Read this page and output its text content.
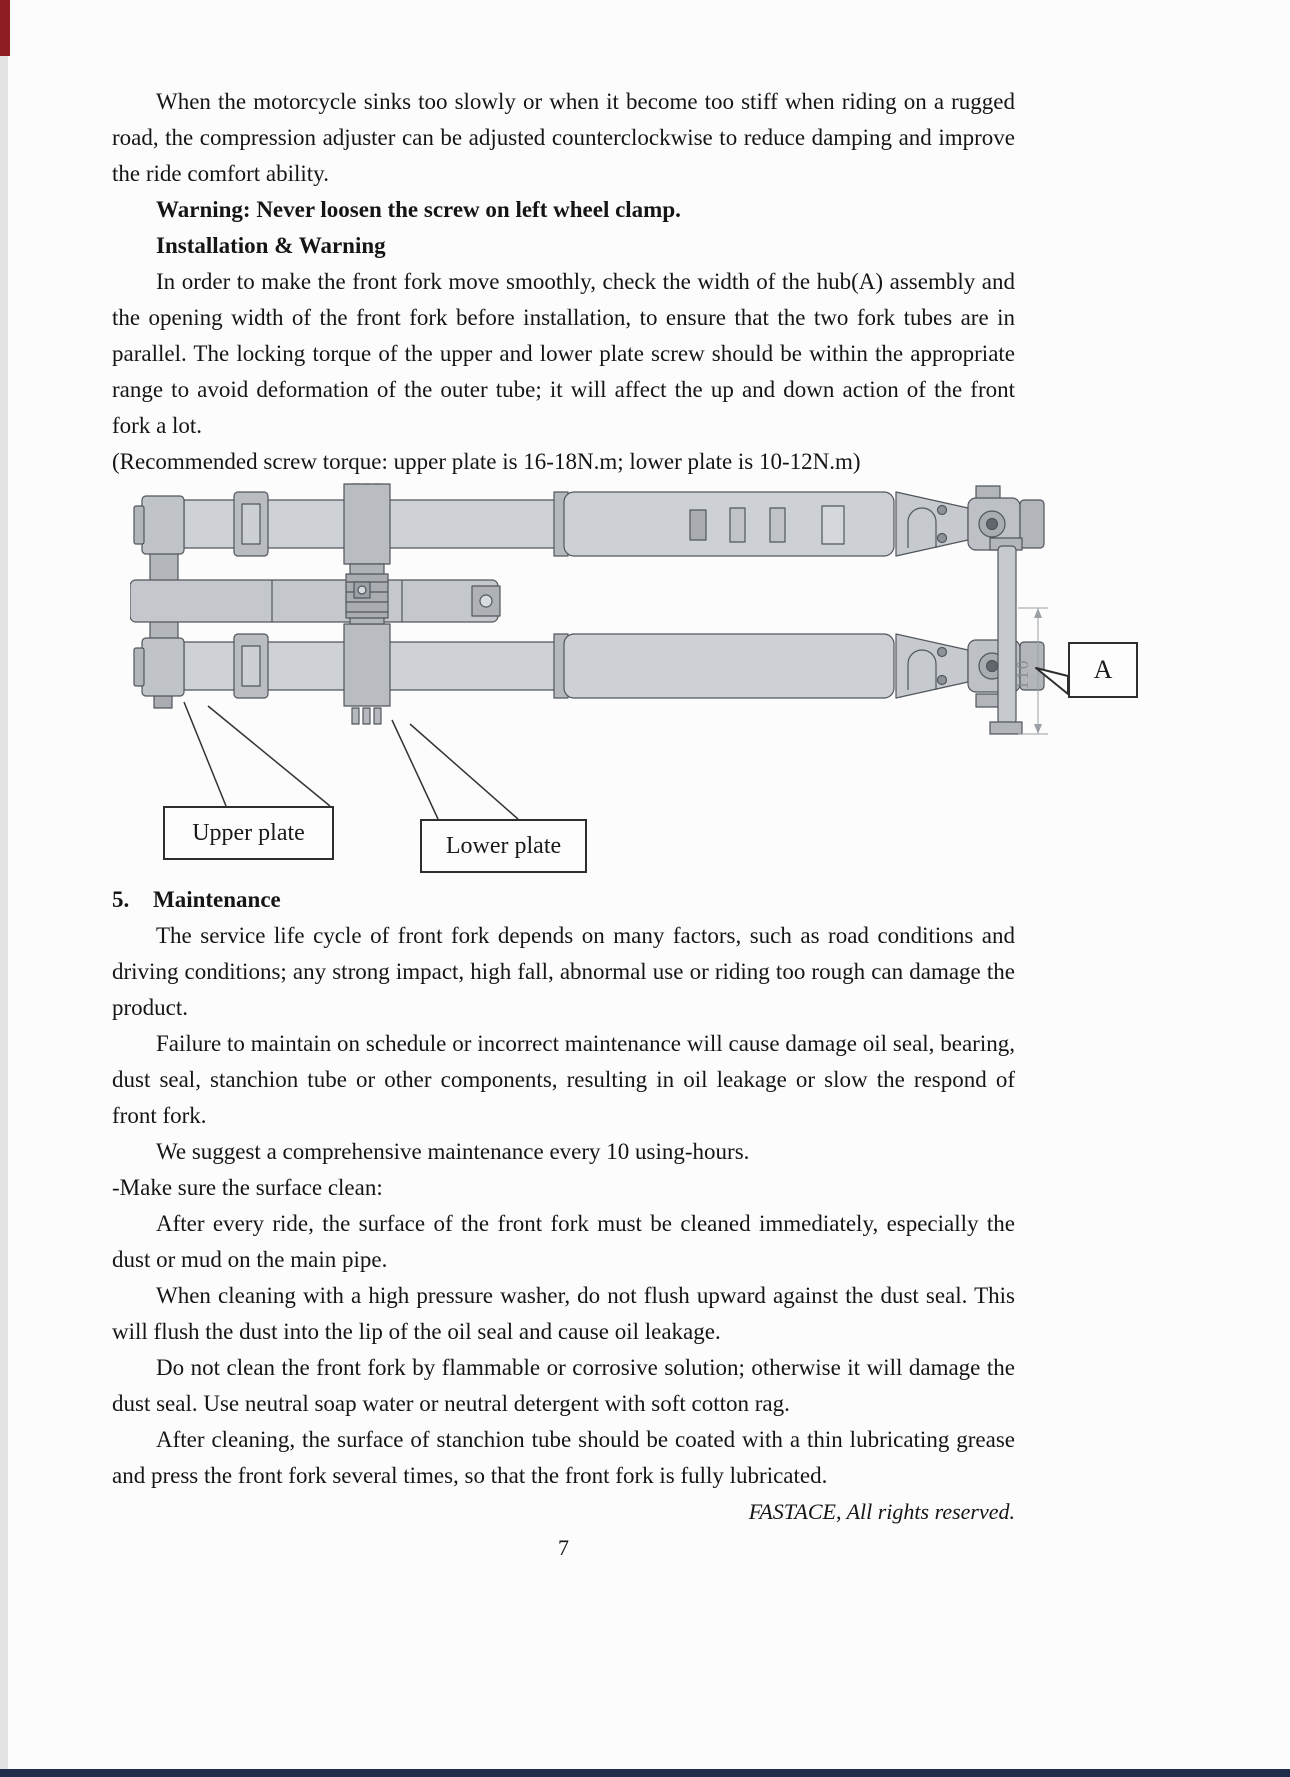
When the motorcycle sinks too slowly or when it become too stiff when riding on a rugged road, the compression adjuster can be adjusted counterclockwise to reduce damping and improve the ride comfort ability.

Warning: Never loosen the screw on left wheel clamp.

Installation & Warning

In order to make the front fork move smoothly, check the width of the hub(A) assembly and the opening width of the front fork before installation, to ensure that the two fork tubes are in parallel. The locking torque of the upper and lower plate screw should be within the appropriate range to avoid deformation of the outer tube; it will affect the up and down action of the front fork a lot.

(Recommended screw torque: upper plate is 16-18N.m; lower plate is 10-12N.m)

110
Upper plate	Lower plate
A

5. Maintenance

The service life cycle of front fork depends on many factors, such as road conditions and driving conditions; any strong impact, high fall, abnormal use or riding too rough can damage the product.

Failure to maintain on schedule or incorrect maintenance will cause damage oil seal, bearing, dust seal, stanchion tube or other components, resulting in oil leakage or slow the respond of front fork.

We suggest a comprehensive maintenance every 10 using-hours.

-Make sure the surface clean:

After every ride, the surface of the front fork must be cleaned immediately, especially the dust or mud on the main pipe.

When cleaning with a high pressure washer, do not flush upward against the dust seal. This will flush the dust into the lip of the oil seal and cause oil leakage.

Do not clean the front fork by flammable or corrosive solution; otherwise it will damage the dust seal. Use neutral soap water or neutral detergent with soft cotton rag.

After cleaning, the surface of stanchion tube should be coated with a thin lubricating grease and press the front fork several times, so that the front fork is fully lubricated.

FASTACE, All rights reserved.

7
